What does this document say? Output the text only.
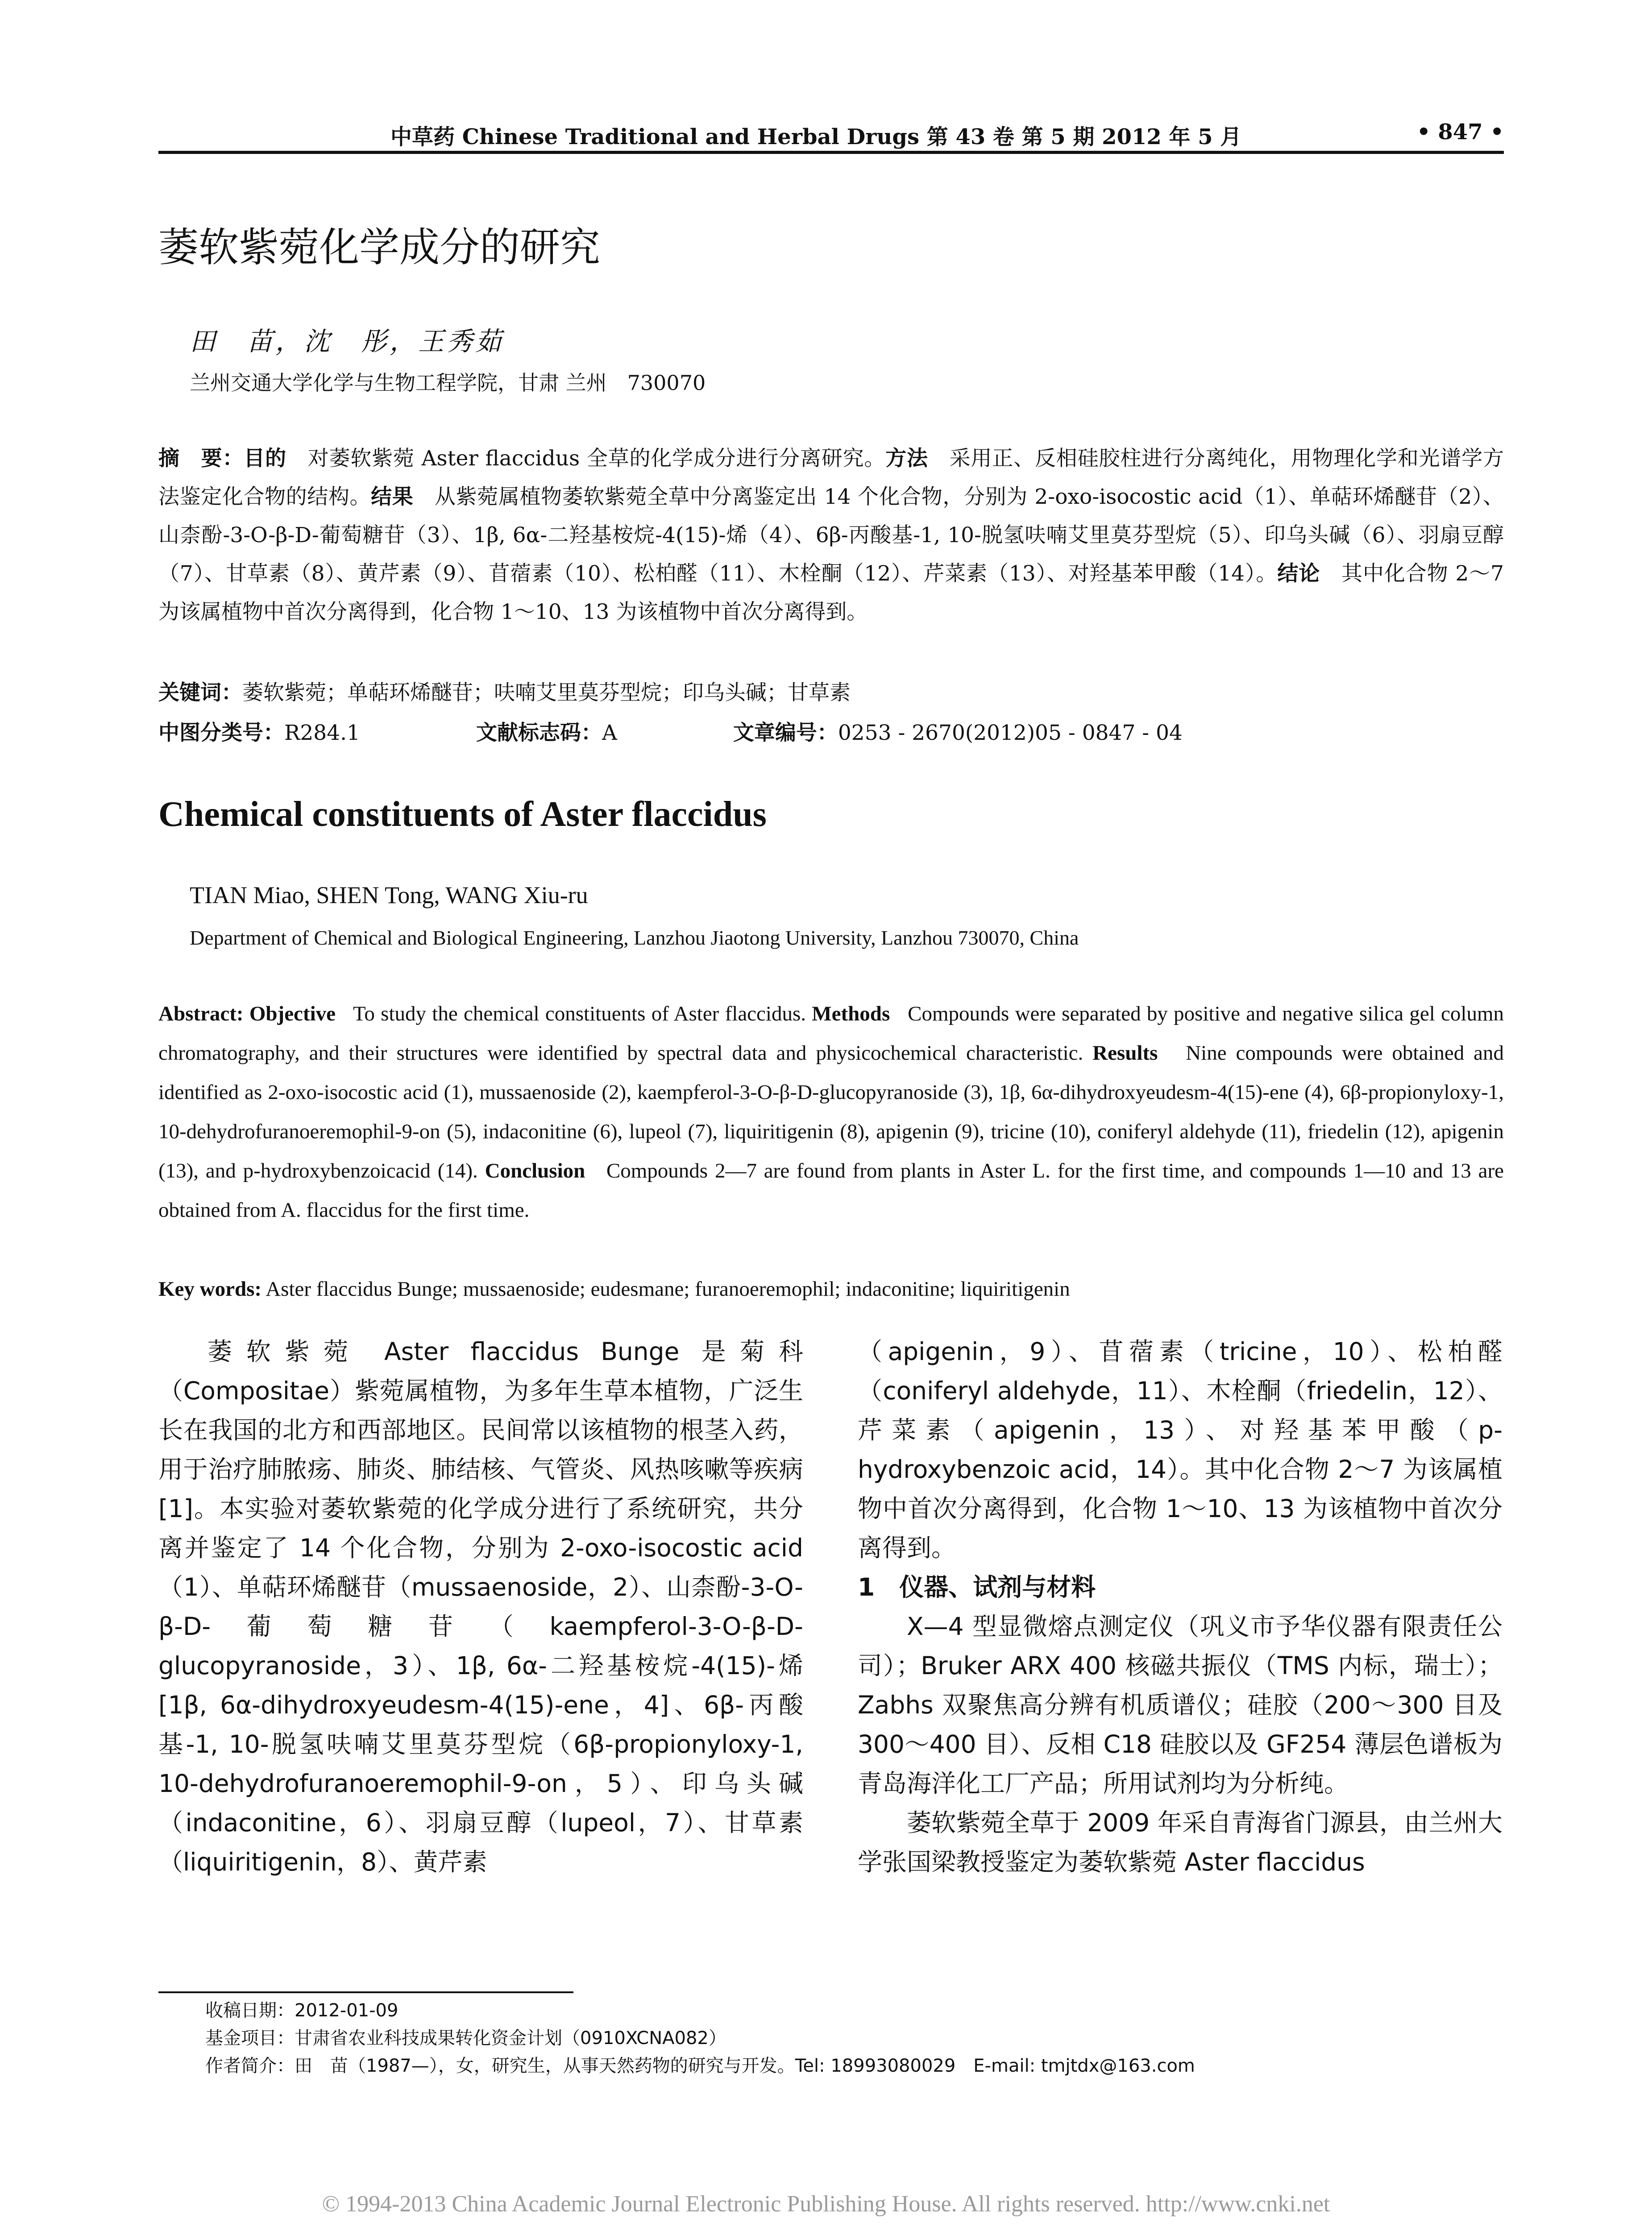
中草药 Chinese Traditional and Herbal Drugs 第 43 卷 第 5 期 2012 年 5 月	• 847 •
萎软紫菀化学成分的研究
田　苗，沈　彤，王秀茹
兰州交通大学化学与生物工程学院，甘肃 兰州　730070
摘　要：目的　 对萎软紫菀 Aster flaccidus 全草的化学成分进行分离研究。方法　 采用正、反相硅胶柱进行分离纯化，用物理化学和光谱学方法鉴定化合物的结构。结果　 从紫菀属植物萎软紫菀全草中分离鉴定出 14 个化合物，分别为 2-oxo-isocostic acid（1）、单萜环烯醚苷（2）、山柰酚-3-O-β-D-葡萄糖苷（3）、1β, 6α-二羟基桉烷-4(15)-烯（4）、6β-丙酸基-1, 10-脱氢呋喃艾里莫芬型烷（5）、印乌头碱（6）、羽扇豆醇（7）、甘草素（8）、黄芹素（9）、苜蓿素（10）、松柏醛（11）、木栓酮（12）、芹菜素（13）、对羟基苯甲酸（14）。结论　 其中化合物 2～7 为该属植物中首次分离得到，化合物 1～10、13 为该植物中首次分离得到。
关键词：萎软紫菀；单萜环烯醚苷；呋喃艾里莫芬型烷；印乌头碱；甘草素
中图分类号：R284.1	文献标志码：A	文章编号：0253 - 2670(2012)05 - 0847 - 04
Chemical constituents of Aster flaccidus
TIAN Miao, SHEN Tong, WANG Xiu-ru
Department of Chemical and Biological Engineering, Lanzhou Jiaotong University, Lanzhou 730070, China
Abstract: Objective To study the chemical constituents of Aster flaccidus. Methods Compounds were separated by positive and negative silica gel column chromatography, and their structures were identified by spectral data and physicochemical characteristic. Results Nine compounds were obtained and identified as 2-oxo-isocostic acid (1), mussaenoside (2), kaempferol-3-O-β-D-glucopyranoside (3), 1β, 6α-dihydroxyeudesm-4(15)-ene (4), 6β-propionyloxy-1, 10-dehydrofuranoeremophil-9-on (5), indaconitine (6), lupeol (7), liquiritigenin (8), apigenin (9), tricine (10), coniferyl aldehyde (11), friedelin (12), apigenin (13), and p-hydroxybenzoicacid (14). Conclusion Compounds 2—7 are found from plants in Aster L. for the first time, and compounds 1—10 and 13 are obtained from A. flaccidus for the first time.
Key words: Aster flaccidus Bunge; mussaenoside; eudesmane; furanoeremophil; indaconitine; liquiritigenin

萎软紫菀 Aster flaccidus Bunge 是菊科（Compositae）紫菀属植物，为多年生草本植物，广泛生长在我国的北方和西部地区。民间常以该植物的根茎入药，用于治疗肺脓疡、肺炎、肺结核、气管炎、风热咳嗽等疾病[1]。本实验对萎软紫菀的化学成分进行了系统研究，共分离并鉴定了 14 个化合物，分别为 2-oxo-isocostic acid（1）、单萜环烯醚苷（mussaenoside，2）、山柰酚-3-O-β-D-葡萄糖苷（kaempferol-3-O-β-D-glucopyranoside，3）、1β, 6α-二羟基桉烷-4(15)-烯 [1β, 6α-dihydroxyeudesm-4(15)-ene，4]、6β-丙酸基-1, 10-脱氢呋喃艾里莫芬型烷（6β-propionyloxy-1, 10-dehydrofuranoeremophil-9-on，5）、印乌头碱（indaconitine，6）、羽扇豆醇（lupeol，7）、甘草素（liquiritigenin，8）、黄芹素

（apigenin，9）、苜蓿素（tricine，10）、松柏醛（coniferyl aldehyde，11）、木栓酮（friedelin，12）、芹菜素（apigenin，13）、对羟基苯甲酸（p-hydroxybenzoic acid，14）。其中化合物 2～7 为该属植物中首次分离得到，化合物 1～10、13 为该植物中首次分离得到。

1　仪器、试剂与材料

X—4 型显微熔点测定仪（巩义市予华仪器有限责任公司）；Bruker ARX 400 核磁共振仪（TMS 内标，瑞士）；Zabhs 双聚焦高分辨有机质谱仪；硅胶（200～300 目及 300～400 目）、反相 C18 硅胶以及 GF254 薄层色谱板为青岛海洋化工厂产品；所用试剂均为分析纯。

萎软紫菀全草于 2009 年采自青海省门源县，由兰州大学张国梁教授鉴定为萎软紫菀 Aster flaccidus

收稿日期：2012-01-09
基金项目：甘肃省农业科技成果转化资金计划（0910XCNA082）
作者简介：田　苗（1987—），女，研究生，从事天然药物的研究与开发。Tel: 18993080029　E-mail: tmjtdx@163.com
© 1994-2013 China Academic Journal Electronic Publishing House. All rights reserved. http://www.cnki.net
